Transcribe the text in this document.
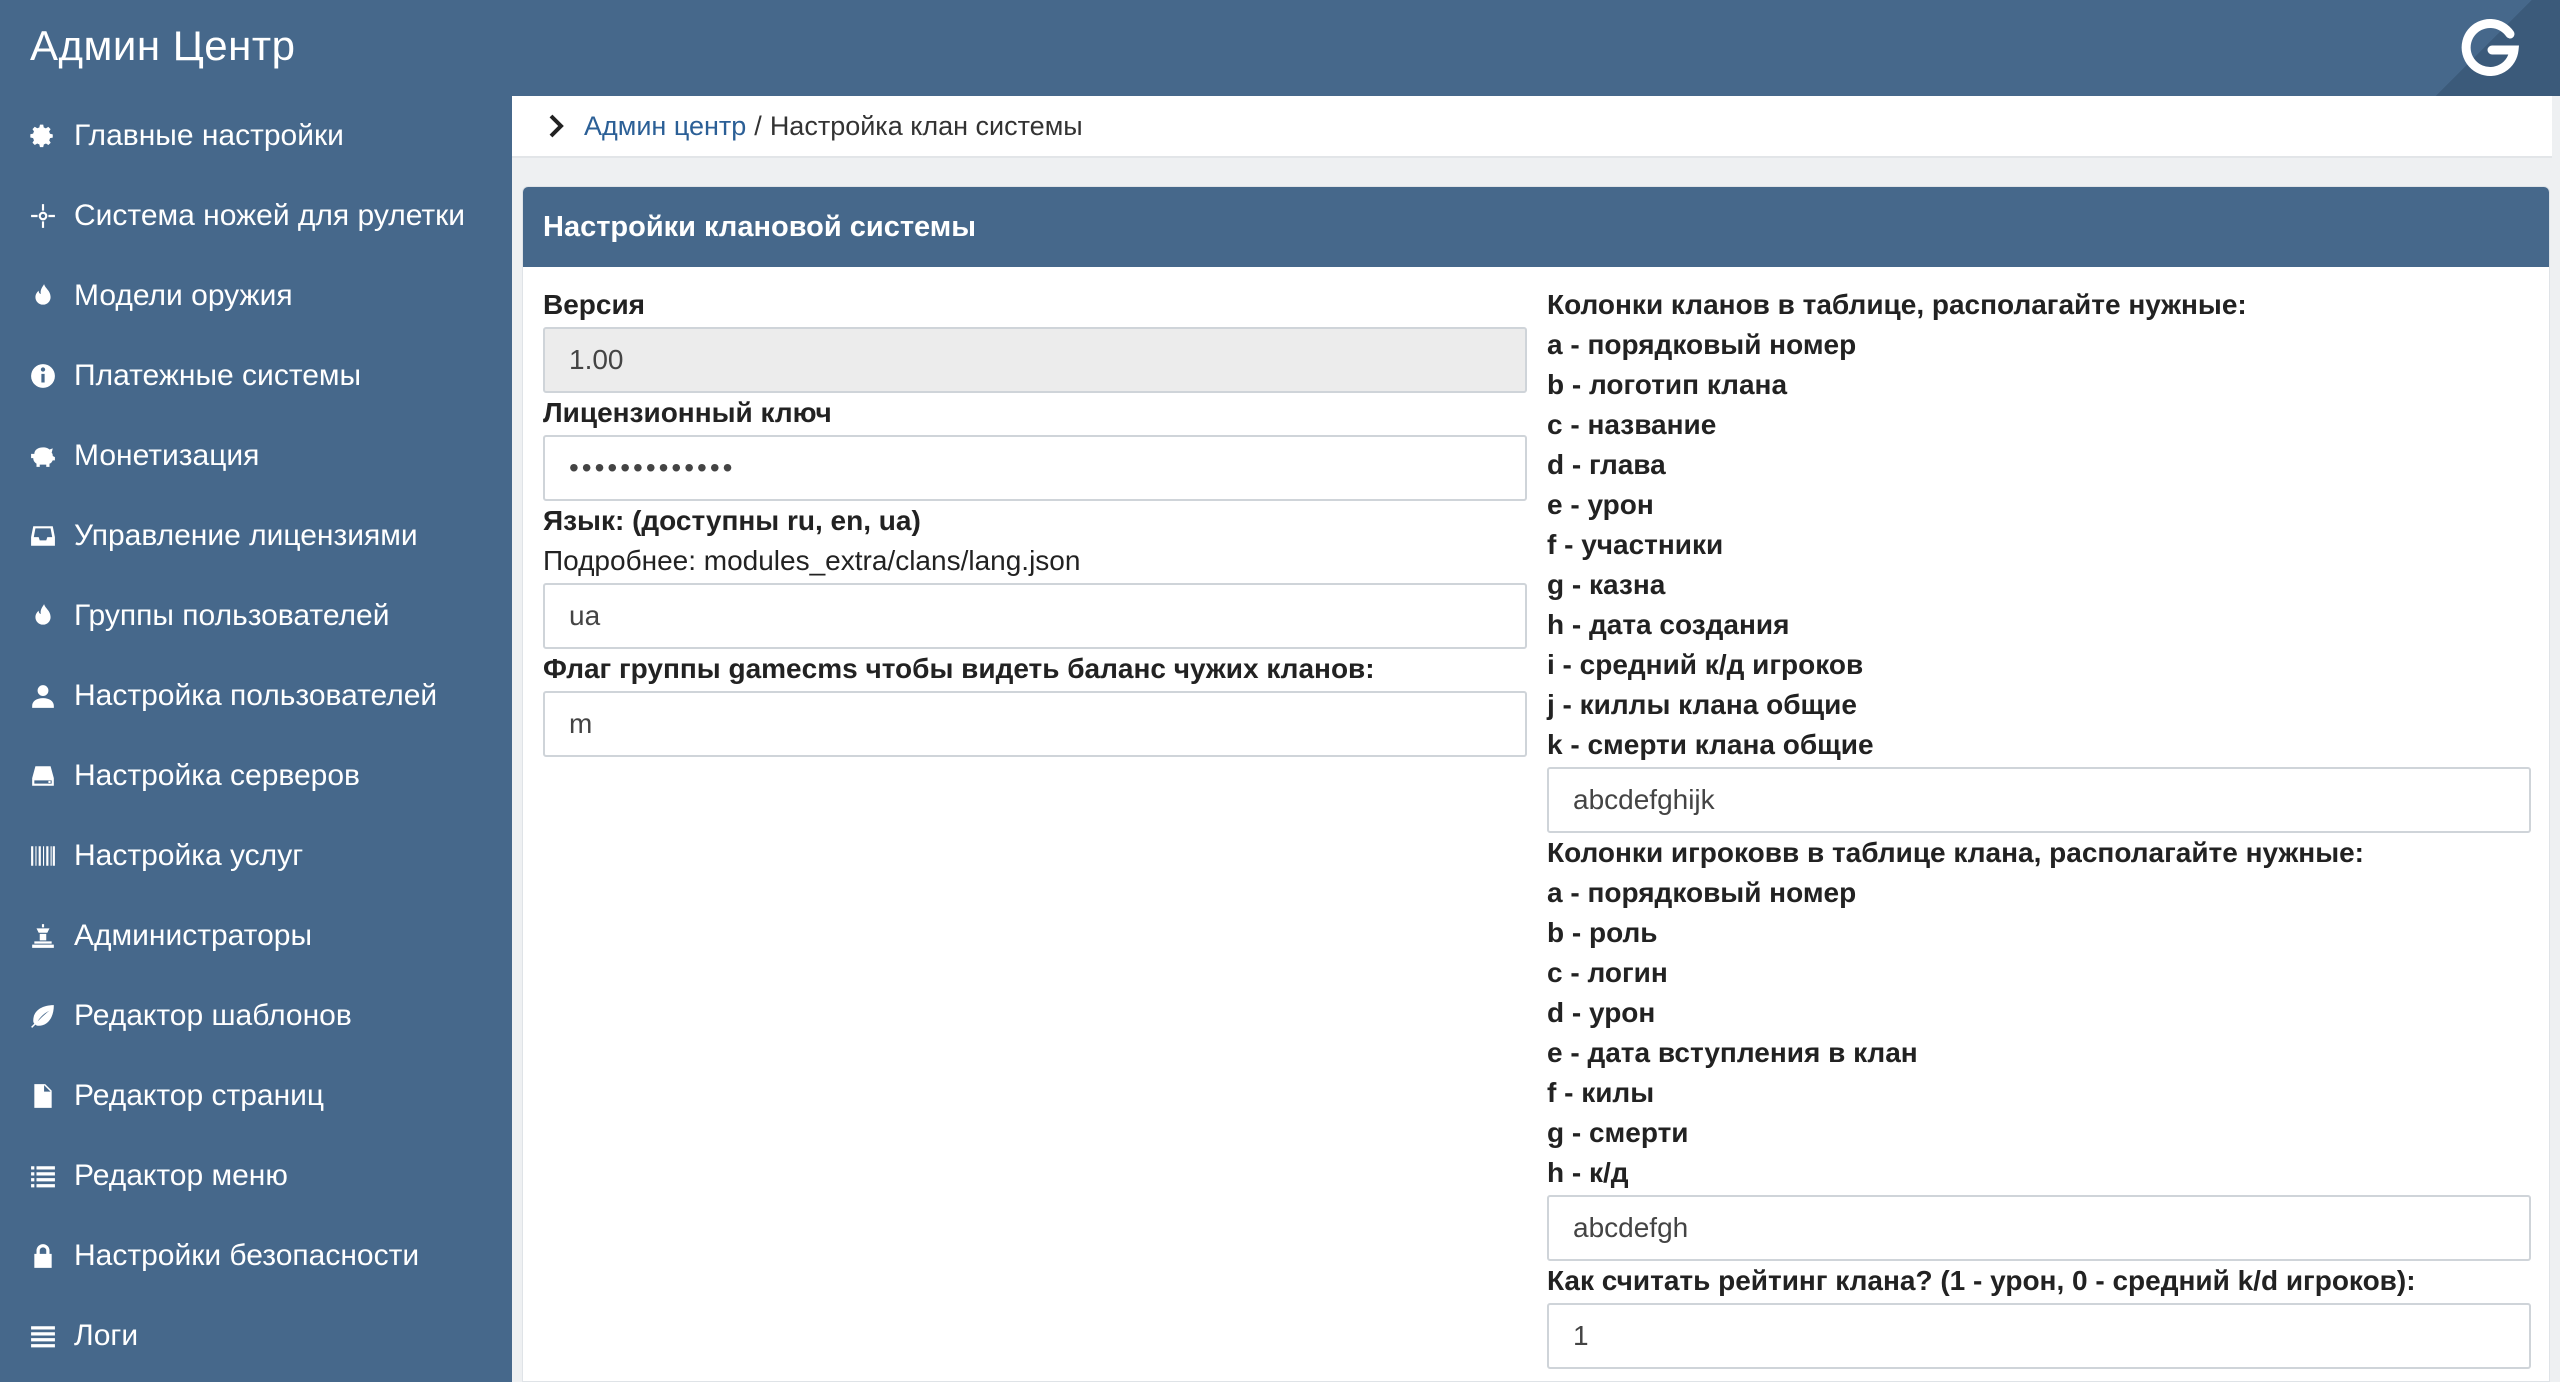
Админ Центр
Главные настройки
Система ножей для рулетки
Модели оружия
Платежные системы
Монетизация
Управление лицензиями
Группы пользователей
Настройка пользователей
Настройка серверов
Настройка услуг
Администраторы
Редактор шаблонов
Редактор страниц
Редактор меню
Настройки безопасности
Логи
Админ центр / Настройка клан системы
Настройки клановой системы
Версия
1.00
Лицензионный ключ
•••••••••••••
Язык: (доступны ru, en, ua)
Подробнее: modules_extra/clans/lang.json
ua
Флаг группы gamecms чтобы видеть баланс чужих кланов:
m
Колонки кланов в таблице, располагайте нужные:
a - порядковый номер
b - логотип клана
c - название
d - глава
e - урон
f - участники
g - казна
h - дата создания
i - средний к/д игроков
j - киллы клана общие
k - смерти клана общие
abcdefghijk
Колонки игроковв в таблице клана, располагайте нужные:
a - порядковый номер
b - роль
c - логин
d - урон
e - дата вступления в клан
f - килы
g - смерти
h - к/д
abcdefgh
Как считать рейтинг клана? (1 - урон, 0 - средний k/d игроков):
1
